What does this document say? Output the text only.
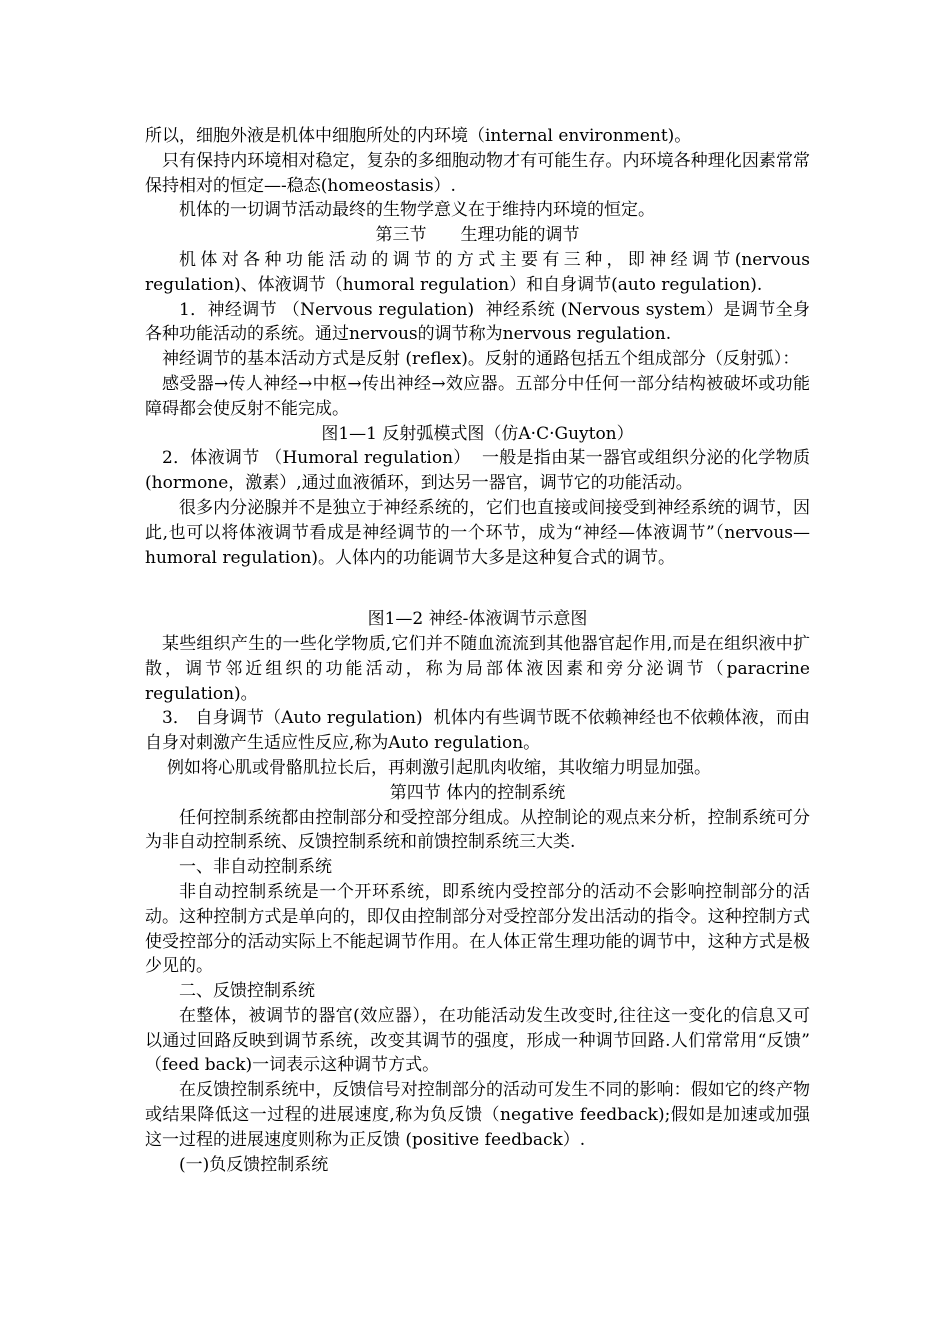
所以，细胞外液是机体中细胞所处的内环境（internal environment)。

只有保持内环境相对稳定，复杂的多细胞动物才有可能生存。内环境各种理化因素常常保持相对的恒定—-稳态(homeostasis）.

机体的一切调节活动最终的生物学意义在于维持内环境的恒定。

第三节　　生理功能的调节

机体对各种功能活动的调节的方式主要有三种，即神经调节(nervous regulation)、体液调节（humoral regulation）和自身调节(auto regulation).

1．神经调节 （Nervous regulation)  神经系统 (Nervous system）是调节全身各种功能活动的系统。通过nervous的调节称为nervous regulation.

神经调节的基本活动方式是反射 (reflex)。反射的通路包括五个组成部分（反射弧）：

感受器→传人神经→中枢→传出神经→效应器。五部分中任何一部分结构被破坏或功能障碍都会使反射不能完成。

图1—1 反射弧模式图（仿A·C·Guyton）

2．体液调节 （Humoral regulation）  一般是指由某一器官或组织分泌的化学物质(hormone，激素）,通过血液循环，到达另一器官，调节它的功能活动。

很多内分泌腺并不是独立于神经系统的，它们也直接或间接受到神经系统的调节，因此,也可以将体液调节看成是神经调节的一个环节，成为“神经—体液调节”（nervous—humoral regulation)。人体内的功能调节大多是这种复合式的调节。

图1—2 神经-体液调节示意图

某些组织产生的一些化学物质,它们并不随血流流到其他器官起作用,而是在组织液中扩散，调节邻近组织的功能活动，称为局部体液因素和旁分泌调节（paracrine regulation)。

3． 自身调节（Auto regulation)  机体内有些调节既不依赖神经也不依赖体液，而由自身对刺激产生适应性反应,称为Auto regulation。

例如将心肌或骨骼肌拉长后，再刺激引起肌肉收缩，其收缩力明显加强。

第四节 体内的控制系统

任何控制系统都由控制部分和受控部分组成。从控制论的观点来分析，控制系统可分为非自动控制系统、反馈控制系统和前馈控制系统三大类.

一、非自动控制系统

非自动控制系统是一个开环系统，即系统内受控部分的活动不会影响控制部分的活动。这种控制方式是单向的，即仅由控制部分对受控部分发出活动的指令。这种控制方式使受控部分的活动实际上不能起调节作用。在人体正常生理功能的调节中，这种方式是极少见的。

二、反馈控制系统

在整体，被调节的器官(效应器），在功能活动发生改变时,往往这一变化的信息又可以通过回路反映到调节系统，改变其调节的强度，形成一种调节回路.人们常常用“反馈” （feed back)一词表示这种调节方式。

在反馈控制系统中，反馈信号对控制部分的活动可发生不同的影响：假如它的终产物或结果降低这一过程的进展速度,称为负反馈（negative feedback);假如是加速或加强这一过程的进展速度则称为正反馈 (positive feedback）.

(一)负反馈控制系统
